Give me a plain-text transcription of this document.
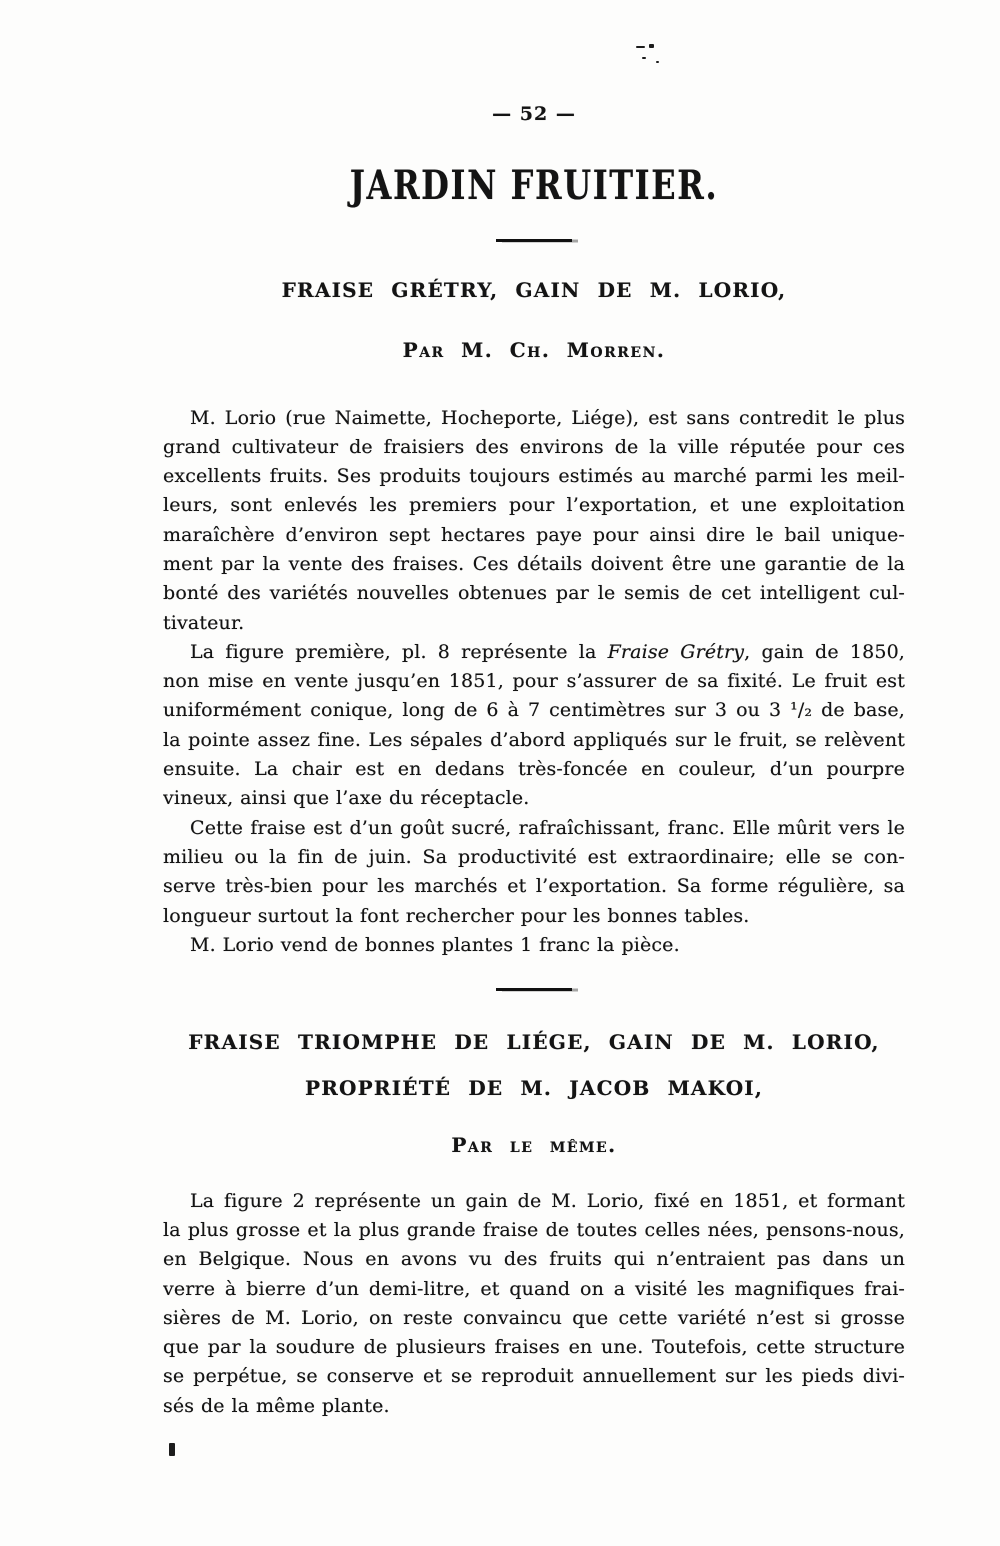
— 52 —
JARDIN FRUITIER.
FRAISE GRÉTRY, GAIN DE M. LORIO,
Par M. Ch. Morren.
M. Lorio (rue Naimette, Hocheporte, Liége), est sans contredit le plus
grand cultivateur de fraisiers des environs de la ville réputée pour ces
excellents fruits. Ses produits toujours estimés au marché parmi les meil-
leurs, sont enlevés les premiers pour l’exportation, et une exploitation
maraîchère d’environ sept hectares paye pour ainsi dire le bail unique-
ment par la vente des fraises. Ces détails doivent être une garantie de la
bonté des variétés nouvelles obtenues par le semis de cet intelligent cul-
tivateur.
La figure première, pl. 8 représente la Fraise Grétry, gain de 1850,
non mise en vente jusqu’en 1851, pour s’assurer de sa fixité. Le fruit est
uniformément conique, long de 6 à 7 centimètres sur 3 ou 3 ¹/₂ de base,
la pointe assez fine. Les sépales d’abord appliqués sur le fruit, se relèvent
ensuite. La chair est en dedans très-foncée en couleur, d’un pourpre
vineux, ainsi que l’axe du réceptacle.
Cette fraise est d’un goût sucré, rafraîchissant, franc. Elle mûrit vers le
milieu ou la fin de juin. Sa productivité est extraordinaire; elle se con-
serve très-bien pour les marchés et l’exportation. Sa forme régulière, sa
longueur surtout la font rechercher pour les bonnes tables.
M. Lorio vend de bonnes plantes 1 franc la pièce.
FRAISE TRIOMPHE DE LIÉGE, GAIN DE M. LORIO,
PROPRIÉTÉ DE M. JACOB MAKOI,
Par le même.
La figure 2 représente un gain de M. Lorio, fixé en 1851, et formant
la plus grosse et la plus grande fraise de toutes celles nées, pensons-nous,
en Belgique. Nous en avons vu des fruits qui n’entraient pas dans un
verre à bierre d’un demi-litre, et quand on a visité les magnifiques frai-
sières de M. Lorio, on reste convaincu que cette variété n’est si grosse
que par la soudure de plusieurs fraises en une. Toutefois, cette structure
se perpétue, se conserve et se reproduit annuellement sur les pieds divi-
sés de la même plante.
